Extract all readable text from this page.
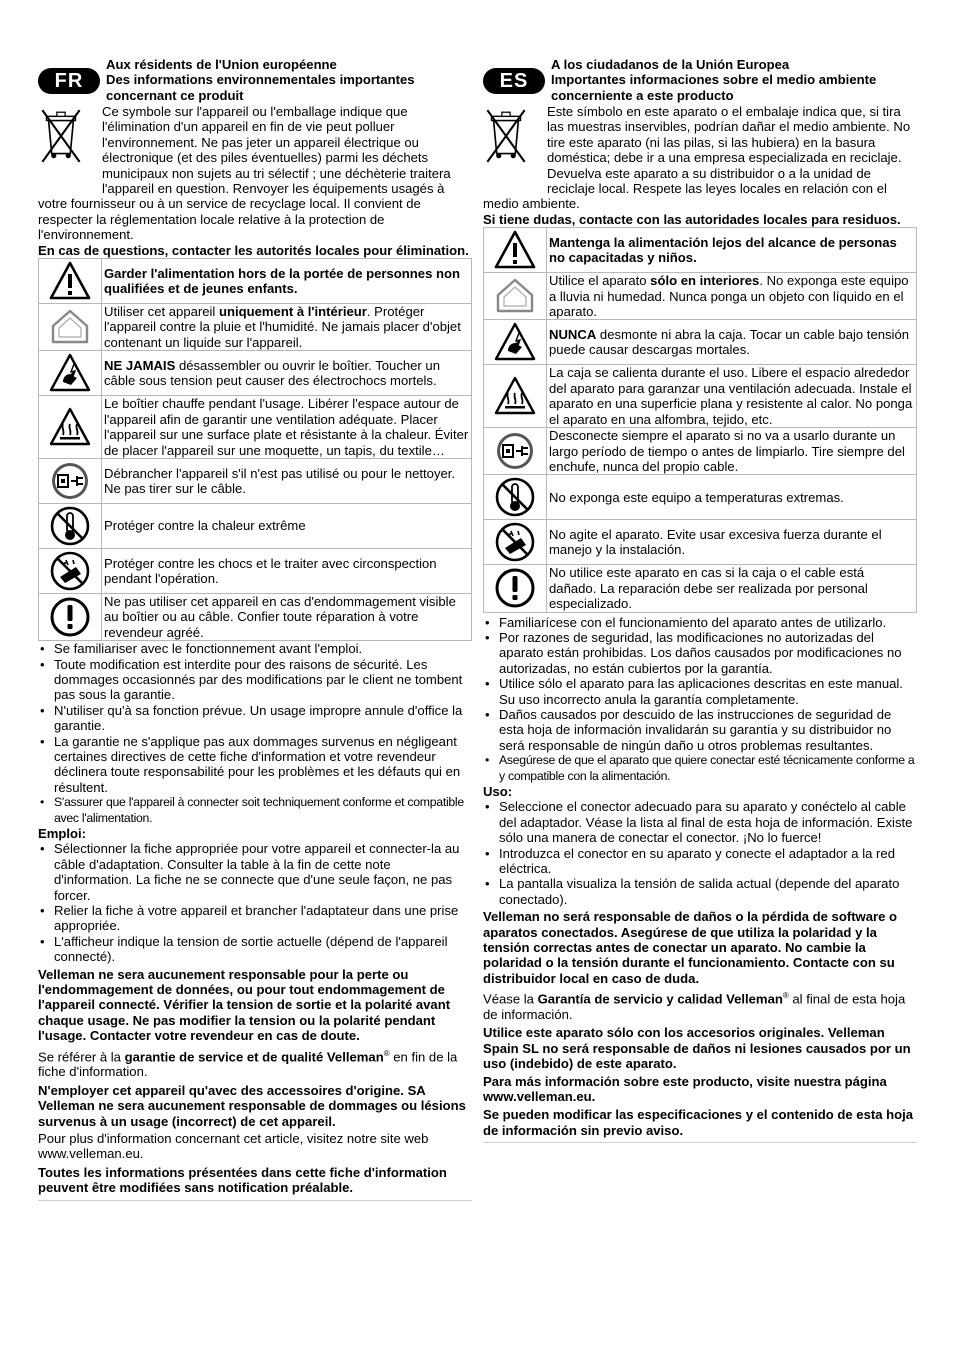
FR
Aux résidents de l'Union européenne
Des informations environnementales importantes concernant ce produit

Ce symbole sur l'appareil ou l'emballage indique que l'élimination d'un appareil en fin de vie peut polluer l'environnement. Ne pas jeter un appareil électrique ou électronique (et des piles éventuelles) parmi les déchets municipaux non sujets au tri sélectif ; une déchèterie traitera l'appareil en question. Renvoyer les équipements usagés à votre fournisseur ou à un service de recyclage local. Il convient de respecter la réglementation locale relative à la protection de l'environnement.

En cas de questions, contacter les autorités locales pour élimination.

	Garder l'alimentation hors de la portée de personnes non qualifiées et de jeunes enfants.
	Utiliser cet appareil uniquement à l'intérieur. Protéger l'appareil contre la pluie et l'humidité. Ne jamais placer d'objet contenant un liquide sur l'appareil.
	NE JAMAIS désassembler ou ouvrir le boîtier. Toucher un câble sous tension peut causer des électrochocs mortels.
	Le boîtier chauffe pendant l'usage. Libérer l'espace autour de l'appareil afin de garantir une ventilation adéquate. Placer l'appareil sur une surface plate et résistante à la chaleur. Éviter de placer l'appareil sur une moquette, un tapis, du textile…
	Débrancher l'appareil s'il n'est pas utilisé ou pour le nettoyer. Ne pas tirer sur le câble.
	Protéger contre la chaleur extrême
	Protéger contre les chocs et le traiter avec circonspection pendant l'opération.
	Ne pas utiliser cet appareil en cas d'endommagement visible au boîtier ou au câble. Confier toute réparation à votre revendeur agréé.
• Se familiariser avec le fonctionnement avant l'emploi.
• Toute modification est interdite pour des raisons de sécurité. Les dommages occasionnés par des modifications par le client ne tombent pas sous la garantie.
• N'utiliser qu'à sa fonction prévue. Un usage impropre annule d'office la garantie.
• La garantie ne s'applique pas aux dommages survenus en négligeant certaines directives de cette fiche d'information et votre revendeur déclinera toute responsabilité pour les problèmes et les défauts qui en résultent.
• S'assurer que l'appareil à connecter soit techniquement conforme et compatible avec l'alimentation.

Emploi:

• Sélectionner la fiche appropriée pour votre appareil et connecter-la au câble d'adaptation. Consulter la table à la fin de cette note d'information. La fiche ne se connecte que d'une seule façon, ne pas forcer.
• Relier la fiche à votre appareil et brancher l'adaptateur dans une prise appropriée.
• L'afficheur indique la tension de sortie actuelle (dépend de l'appareil connecté).

Velleman ne sera aucunement responsable pour la perte ou l'endommagement de données, ou pour tout endommagement de l'appareil connecté. Vérifier la tension de sortie et la polarité avant chaque usage. Ne pas modifier la tension ou la polarité pendant l'usage. Contacter votre revendeur en cas de doute.

Se référer à la garantie de service et de qualité Velleman® en fin de la fiche d'information.

N'employer cet appareil qu'avec des accessoires d'origine. SA Velleman ne sera aucunement responsable de dommages ou lésions survenus à un usage (incorrect) de cet appareil.

Pour plus d'information concernant cet article, visitez notre site web www.velleman.eu.

Toutes les informations présentées dans cette fiche d'information peuvent être modifiées sans notification préalable.

ES
A los ciudadanos de la Unión Europea
Importantes informaciones sobre el medio ambiente concerniente a este producto

Este símbolo en este aparato o el embalaje indica que, si tira las muestras inservibles, podrían dañar el medio ambiente. No tire este aparato (ni las pilas, si las hubiera) en la basura doméstica; debe ir a una empresa especializada en reciclaje. Devuelva este aparato a su distribuidor o a la unidad de reciclaje local. Respete las leyes locales en relación con el medio ambiente.

Si tiene dudas, contacte con las autoridades locales para residuos.

	Mantenga la alimentación lejos del alcance de personas no capacitadas y niños.
	Utilice el aparato sólo en interiores. No exponga este equipo a lluvia ni humedad. Nunca ponga un objeto con líquido en el aparato.
	NUNCA desmonte ni abra la caja. Tocar un cable bajo tensión puede causar descargas mortales.
	La caja se calienta durante el uso. Libere el espacio alrededor del aparato para garanzar una ventilación adecuada. Instale el aparato en una superficie plana y resistente al calor. No ponga el aparato en una alfombra, tejido, etc.
	Desconecte siempre el aparato si no va a usarlo durante un largo período de tiempo o antes de limpiarlo. Tire siempre del enchufe, nunca del propio cable.
	No exponga este equipo a temperaturas extremas.
	No agite el aparato. Evite usar excesiva fuerza durante el manejo y la instalación.
	No utilice este aparato en cas si la caja o el cable está dañado. La reparación debe ser realizada por personal especializado.
• Familiarícese con el funcionamiento del aparato antes de utilizarlo.
• Por razones de seguridad, las modificaciones no autorizadas del aparato están prohibidas. Los daños causados por modificaciones no autorizadas, no están cubiertos por la garantía.
• Utilice sólo el aparato para las aplicaciones descritas en este manual. Su uso incorrecto anula la garantía completamente.
• Daños causados por descuido de las instrucciones de seguridad de esta hoja de información invalidarán su garantía y su distribuidor no será responsable de ningún daño u otros problemas resultantes.
• Asegúrese de que el aparato que quiere conectar esté técnicamente conforme a y compatible con la alimentación.

Uso:

• Seleccione el conector adecuado para su aparato y conéctelo al cable del adaptador. Véase la lista al final de esta hoja de información. Existe sólo una manera de conectar el conector. ¡No lo fuerce!
• Introduzca el conector en su aparato y conecte el adaptador a la red eléctrica.
• La pantalla visualiza la tensión de salida actual (depende del aparato conectado).

Velleman no será responsable de daños o la pérdida de software o aparatos conectados. Asegúrese de que utiliza la polaridad y la tensión correctas antes de conectar un aparato. No cambie la polaridad o la tensión durante el funcionamiento. Contacte con su distribuidor local en caso de duda.

Véase la Garantía de servicio y calidad Velleman® al final de esta hoja de información.

Utilice este aparato sólo con los accesorios originales. Velleman Spain SL no será responsable de daños ni lesiones causados por un uso (indebido) de este aparato.

Para más información sobre este producto, visite nuestra página www.velleman.eu.

Se pueden modificar las especificaciones y el contenido de esta hoja de información sin previo aviso.
